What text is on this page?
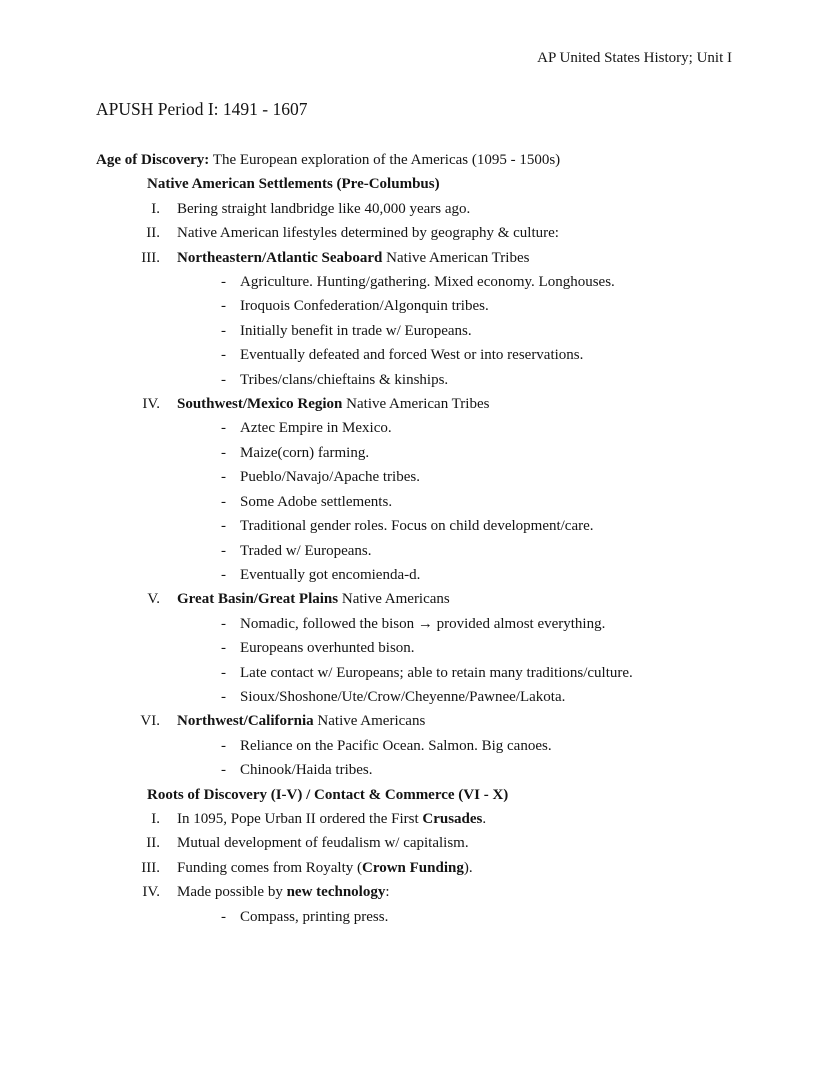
AP United States History; Unit I
APUSH Period I: 1491 - 1607
Age of Discovery: The European exploration of the Americas (1095 - 1500s)
Native American Settlements (Pre-Columbus)
I. Bering straight landbridge like 40,000 years ago.
II. Native American lifestyles determined by geography & culture:
III. Northeastern/Atlantic Seaboard Native American Tribes
- Agriculture. Hunting/gathering. Mixed economy. Longhouses.
- Iroquois Confederation/Algonquin tribes.
- Initially benefit in trade w/ Europeans.
- Eventually defeated and forced West or into reservations.
- Tribes/clans/chieftains & kinships.
IV. Southwest/Mexico Region Native American Tribes
- Aztec Empire in Mexico.
- Maize(corn) farming.
- Pueblo/Navajo/Apache tribes.
- Some Adobe settlements.
- Traditional gender roles. Focus on child development/care.
- Traded w/ Europeans.
- Eventually got encomienda-d.
V. Great Basin/Great Plains Native Americans
- Nomadic, followed the bison → provided almost everything.
- Europeans overhunted bison.
- Late contact w/ Europeans; able to retain many traditions/culture.
- Sioux/Shoshone/Ute/Crow/Cheyenne/Pawnee/Lakota.
VI. Northwest/California Native Americans
- Reliance on the Pacific Ocean. Salmon. Big canoes.
- Chinook/Haida tribes.
Roots of Discovery (I-V) / Contact & Commerce (VI - X)
I. In 1095, Pope Urban II ordered the First Crusades.
II. Mutual development of feudalism w/ capitalism.
III. Funding comes from Royalty (Crown Funding).
IV. Made possible by new technology:
- Compass, printing press.
